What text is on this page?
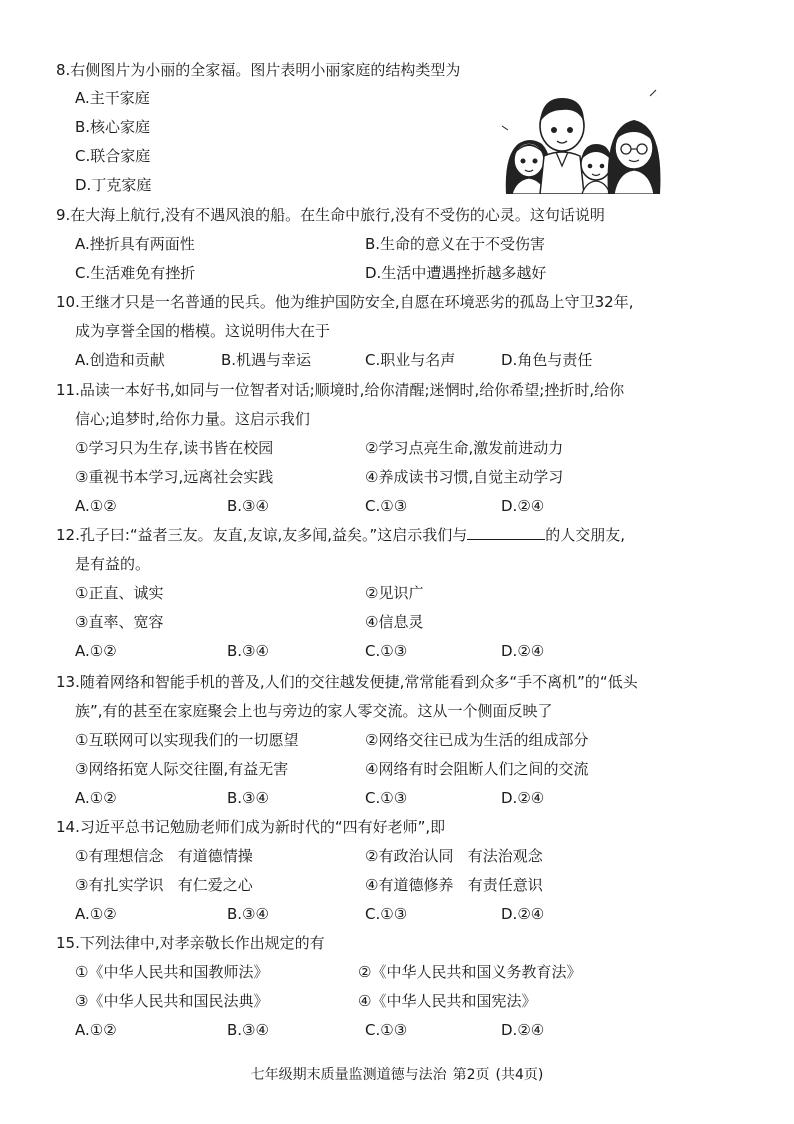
8.右侧图片为小丽的全家福。图片表明小丽家庭的结构类型为
A.主干家庭
B.核心家庭
C.联合家庭
D.丁克家庭
9.在大海上航行,没有不遇风浪的船。在生命中旅行,没有不受伤的心灵。这句话说明
A.挫折具有两面性	B.生命的意义在于不受伤害
C.生活难免有挫折	D.生活中遭遇挫折越多越好
10.王继才只是一名普通的民兵。他为维护国防安全,自愿在环境恶劣的孤岛上守卫32年,
成为享誉全国的楷模。这说明伟大在于
A.创造和贡献	B.机遇与幸运	C.职业与名声	D.角色与责任
11.品读一本好书,如同与一位智者对话;顺境时,给你清醒;迷惘时,给你希望;挫折时,给你
信心;追梦时,给你力量。这启示我们
①学习只为生存,读书皆在校园	②学习点亮生命,激发前进动力
③重视书本学习,远离社会实践	④养成读书习惯,自觉主动学习
A.①②	B.③④	C.①③	D.②④
12.孔子曰:“益者三友。友直,友谅,友多闻,益矣。”这启示我们与	的人交朋友,
是有益的。
①正直、诚实	②见识广
③直率、宽容	④信息灵
A.①②	B.③④	C.①③	D.②④
13.随着网络和智能手机的普及,人们的交往越发便捷,常常能看到众多“手不离机”的“低头
族”,有的甚至在家庭聚会上也与旁边的家人零交流。这从一个侧面反映了
①互联网可以实现我们的一切愿望	②网络交往已成为生活的组成部分
③网络拓宽人际交往圈,有益无害	④网络有时会阻断人们之间的交流
A.①②	B.③④	C.①③	D.②④
14.习近平总书记勉励老师们成为新时代的“四有好老师”,即
①有理想信念   有道德情操	②有政治认同   有法治观念
③有扎实学识   有仁爱之心	④有道德修养   有责任意识
A.①②	B.③④	C.①③	D.②④
15.下列法律中,对孝亲敬长作出规定的有
①《中华人民共和国教师法》	②《中华人民共和国义务教育法》
③《中华人民共和国民法典》	④《中华人民共和国宪法》
A.①②	B.③④	C.①③	D.②④
七年级期末质量监测道德与法治 第2页 (共4页)
